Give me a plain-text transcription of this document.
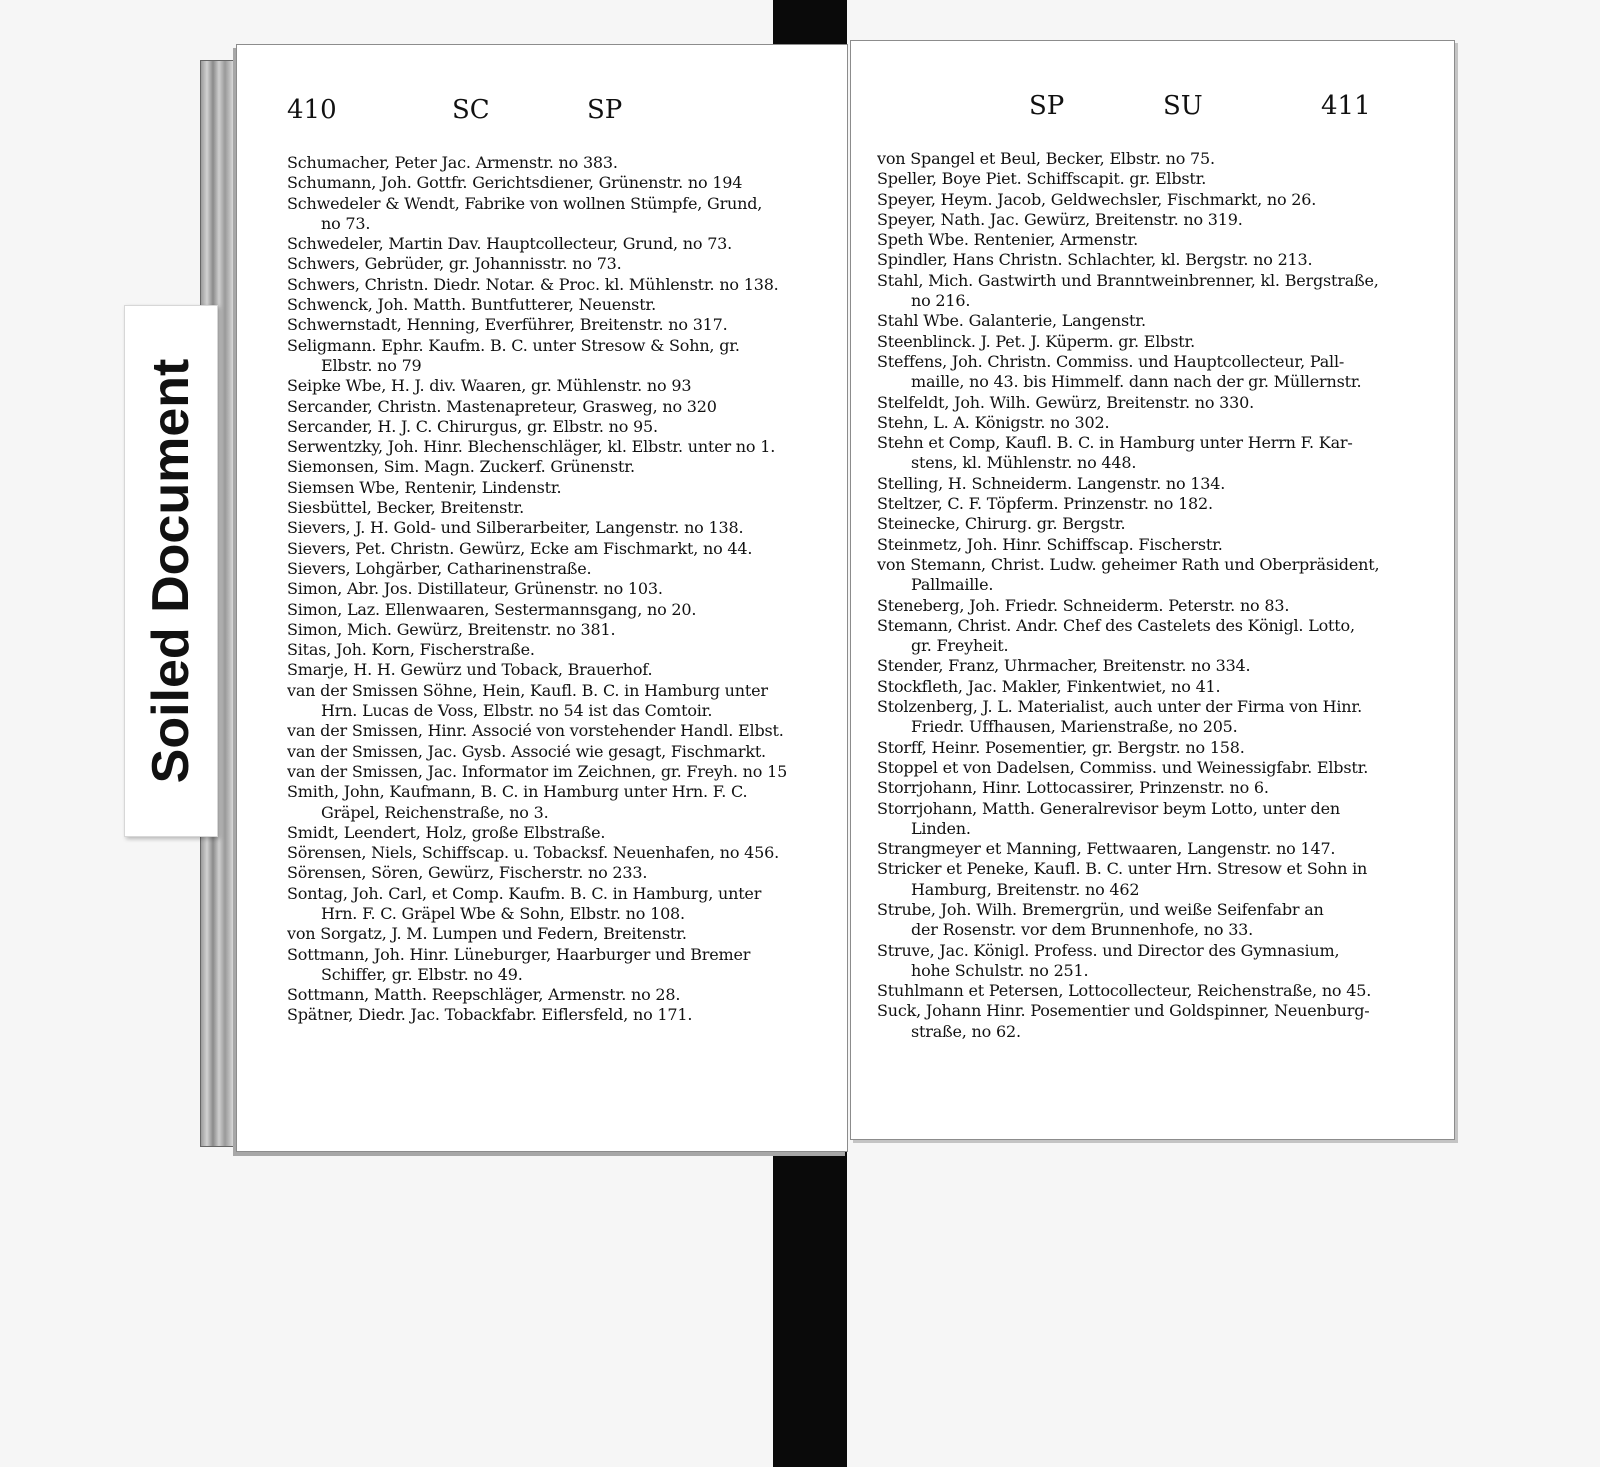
410	SC	SP
Schumacher, Peter Jac. Armenstr. no 383.
Schumann, Joh. Gottfr. Gerichtsdiener, Grünenstr. no 194
Schwedeler & Wendt, Fabrike von wollnen Stümpfe, Grund,
no 73.
Schwedeler, Martin Dav. Hauptcollecteur, Grund, no 73.
Schwers, Gebrüder, gr. Johannisstr. no 73.
Schwers, Christn. Diedr. Notar. & Proc. kl. Mühlenstr. no 138.
Schwenck, Joh. Matth. Buntfutterer, Neuenstr.
Schwernstadt, Henning, Everführer, Breitenstr. no 317.
Seligmann. Ephr. Kaufm. B. C. unter Stresow & Sohn, gr.
Elbstr. no 79
Seipke Wbe, H. J. div. Waaren, gr. Mühlenstr. no 93
Sercander, Christn. Mastenapreteur, Grasweg, no 320
Sercander, H. J. C. Chirurgus, gr. Elbstr. no 95.
Serwentzky, Joh. Hinr. Blechenschläger, kl. Elbstr. unter no 1.
Siemonsen, Sim. Magn. Zuckerf. Grünenstr.
Siemsen Wbe, Rentenir, Lindenstr.
Siesbüttel, Becker, Breitenstr.
Sievers, J. H. Gold- und Silberarbeiter, Langenstr. no 138.
Sievers, Pet. Christn. Gewürz, Ecke am Fischmarkt, no 44.
Sievers, Lohgärber, Catharinenstraße.
Simon, Abr. Jos. Distillateur, Grünenstr. no 103.
Simon, Laz. Ellenwaaren, Sestermannsgang, no 20.
Simon, Mich. Gewürz, Breitenstr. no 381.
Sitas, Joh. Korn, Fischerstraße.
Smarje, H. H. Gewürz und Toback, Brauerhof.
van der Smissen Söhne, Hein, Kaufl. B. C. in Hamburg unter
Hrn. Lucas de Voss, Elbstr. no 54 ist das Comtoir.
van der Smissen, Hinr. Associé von vorstehender Handl. Elbst.
van der Smissen, Jac. Gysb. Associé wie gesagt, Fischmarkt.
van der Smissen, Jac. Informator im Zeichnen, gr. Freyh. no 15
Smith, John, Kaufmann, B. C. in Hamburg unter Hrn. F. C.
Gräpel, Reichenstraße, no 3.
Smidt, Leendert, Holz, große Elbstraße.
Sörensen, Niels, Schiffscap. u. Tobacksf. Neuenhafen, no 456.
Sörensen, Sören, Gewürz, Fischerstr. no 233.
Sontag, Joh. Carl, et Comp. Kaufm. B. C. in Hamburg, unter
Hrn. F. C. Gräpel Wbe & Sohn, Elbstr. no 108.
von Sorgatz, J. M. Lumpen und Federn, Breitenstr.
Sottmann, Joh. Hinr. Lüneburger, Haarburger und Bremer
Schiffer, gr. Elbstr. no 49.
Sottmann, Matth. Reepschläger, Armenstr. no 28.
Spätner, Diedr. Jac. Tobackfabr. Eiflersfeld, no 171.
SP	SU	411
von Spangel et Beul, Becker, Elbstr. no 75.
Speller, Boye Piet. Schiffscapit. gr. Elbstr.
Speyer, Heym. Jacob, Geldwechsler, Fischmarkt, no 26.
Speyer, Nath. Jac. Gewürz, Breitenstr. no 319.
Speth Wbe. Rentenier, Armenstr.
Spindler, Hans Christn. Schlachter, kl. Bergstr. no 213.
Stahl, Mich. Gastwirth und Branntweinbrenner, kl. Bergstraße,
no 216.
Stahl Wbe. Galanterie, Langenstr.
Steenblinck. J. Pet. J. Küperm. gr. Elbstr.
Steffens, Joh. Christn. Commiss. und Hauptcollecteur, Pall-
maille, no 43. bis Himmelf. dann nach der gr. Müllernstr.
Stelfeldt, Joh. Wilh. Gewürz, Breitenstr. no 330.
Stehn, L. A. Königstr. no 302.
Stehn et Comp, Kaufl. B. C. in Hamburg unter Herrn F. Kar-
stens, kl. Mühlenstr. no 448.
Stelling, H. Schneiderm. Langenstr. no 134.
Steltzer, C. F. Töpferm. Prinzenstr. no 182.
Steinecke, Chirurg. gr. Bergstr.
Steinmetz, Joh. Hinr. Schiffscap. Fischerstr.
von Stemann, Christ. Ludw. geheimer Rath und Oberpräsident,
Pallmaille.
Steneberg, Joh. Friedr. Schneiderm. Peterstr. no 83.
Stemann, Christ. Andr. Chef des Castelets des Königl. Lotto,
gr. Freyheit.
Stender, Franz, Uhrmacher, Breitenstr. no 334.
Stockfleth, Jac. Makler, Finkentwiet, no 41.
Stolzenberg, J. L. Materialist, auch unter der Firma von Hinr.
Friedr. Uffhausen, Marienstraße, no 205.
Storff, Heinr. Posementier, gr. Bergstr. no 158.
Stoppel et von Dadelsen, Commiss. und Weinessigfabr. Elbstr.
Storrjohann, Hinr. Lottocassirer, Prinzenstr. no 6.
Storrjohann, Matth. Generalrevisor beym Lotto, unter den
Linden.
Strangmeyer et Manning, Fettwaaren, Langenstr. no 147.
Stricker et Peneke, Kaufl. B. C. unter Hrn. Stresow et Sohn in
Hamburg, Breitenstr. no 462
Strube, Joh. Wilh. Bremergrün, und weiße Seifenfabr an
der Rosenstr. vor dem Brunnenhofe, no 33.
Struve, Jac. Königl. Profess. und Director des Gymnasium,
hohe Schulstr. no 251.
Stuhlmann et Petersen, Lottocollecteur, Reichenstraße, no 45.
Suck, Johann Hinr. Posementier und Goldspinner, Neuenburg-
straße, no 62.
Soiled Document
